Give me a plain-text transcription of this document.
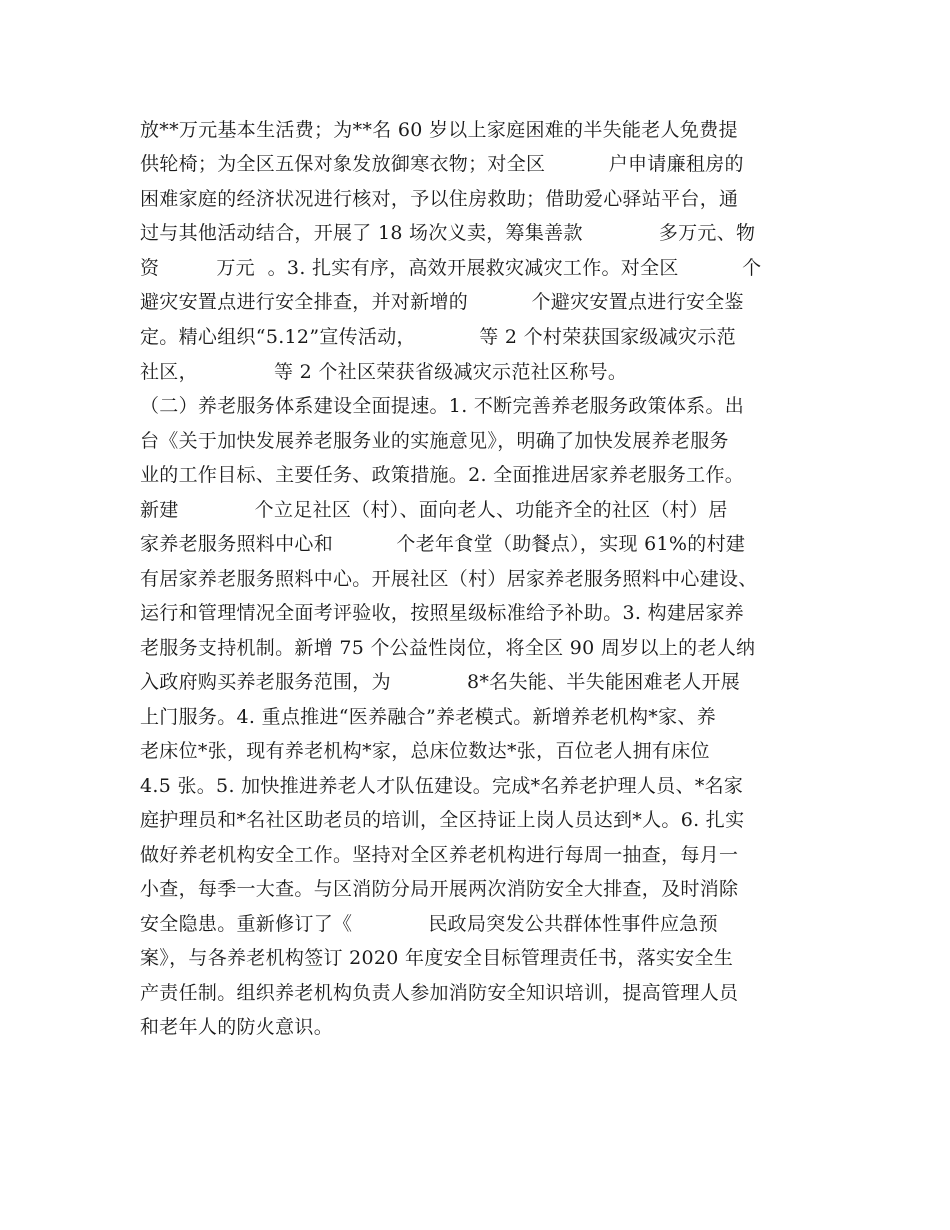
放**万元基本生活费；为**名 60 岁以上家庭困难的半失能老人免费提
供轮椅；为全区五保对象发放御寒衣物；对全区          户申请廉租房的
困难家庭的经济状况进行核对，予以住房救助；借助爱心驿站平台，通
过与其他活动结合，开展了 18 场次义卖，筹集善款            多万元、物
资         万元  。3. 扎实有序，高效开展救灾减灾工作。对全区          个
避灾安置点进行安全排查，并对新增的          个避灾安置点进行安全鉴
定。精心组织“5.12”宣传活动，          等 2 个村荣获国家级减灾示范
社区，            等 2 个社区荣获省级减灾示范社区称号。
（二）养老服务体系建设全面提速。1. 不断完善养老服务政策体系。出
台《关于加快发展养老服务业的实施意见》，明确了加快发展养老服务
业的工作目标、主要任务、政策措施。2. 全面推进居家养老服务工作。
新建            个立足社区（村）、面向老人、功能齐全的社区（村）居
家养老服务照料中心和          个老年食堂（助餐点），实现 61%的村建
有居家养老服务照料中心。开展社区（村）居家养老服务照料中心建设、
运行和管理情况全面考评验收，按照星级标准给予补助。3. 构建居家养
老服务支持机制。新增 75 个公益性岗位，将全区 90 周岁以上的老人纳
入政府购买养老服务范围，为            8*名失能、半失能困难老人开展
上门服务。4. 重点推进“医养融合”养老模式。新增养老机构*家、养
老床位*张，现有养老机构*家，总床位数达*张，百位老人拥有床位
4.5 张。5. 加快推进养老人才队伍建设。完成*名养老护理人员、*名家
庭护理员和*名社区助老员的培训，全区持证上岗人员达到*人。6. 扎实
做好养老机构安全工作。坚持对全区养老机构进行每周一抽查，每月一
小查，每季一大查。与区消防分局开展两次消防安全大排查，及时消除
安全隐患。重新修订了《            民政局突发公共群体性事件应急预
案》，与各养老机构签订 2020 年度安全目标管理责任书，落实安全生
产责任制。组织养老机构负责人参加消防安全知识培训，提高管理人员
和老年人的防火意识。
